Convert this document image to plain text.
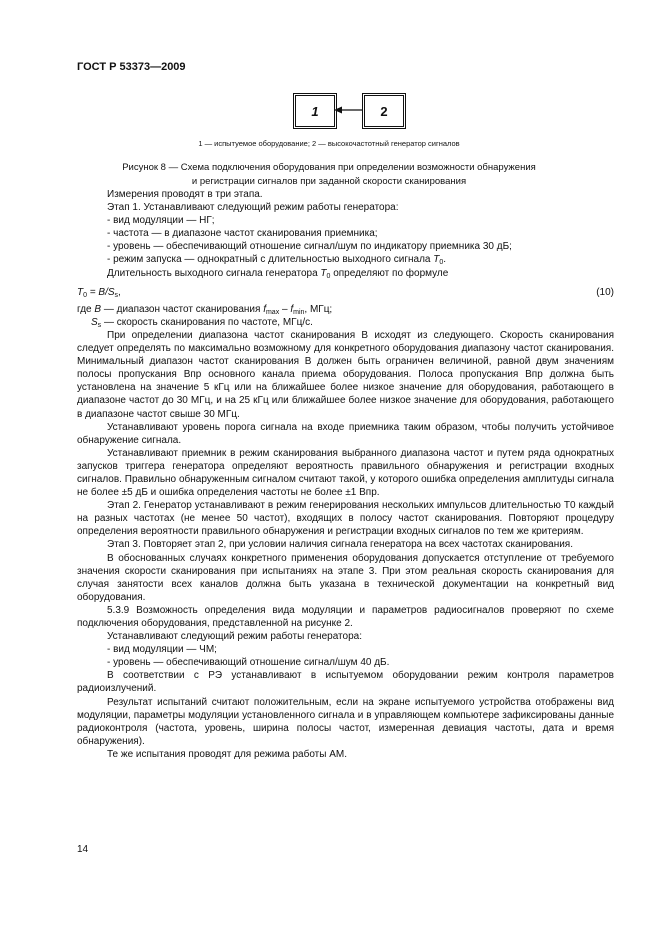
ГОСТ Р 53373—2009
1	2
1 — испытуемое оборудование; 2 — высокочастотный генератор сигналов
Рисунок 8 — Схема подключения оборудования при определении возможности обнаружения
и регистрации сигналов при заданной скорости сканирования

Измерения проводят в три этапа.

Этап 1. Устанавливают следующий режим работы генератора:

- вид модуляции — НГ;

- частота — в диапазоне частот сканирования приемника;

- уровень — обеспечивающий отношение сигнал/шум по индикатору приемника 30 дБ;

- режим запуска — однократный с длительностью выходного сигнала $T_0$.

Длительность выходного сигнала генератора $T_0$ определяют по формуле

$T_0 = B/S_s$,	(10)

где B — диапазон частот сканирования $f_{max} - f_{min}$, МГц;

$S_s$ — скорость сканирования по частоте, МГц/с.

При определении диапазона частот сканирования B исходят из следующего. Скорость сканирования следует определять по максимально возможному для конкретного оборудования диапазону частот сканирования. Минимальный диапазон частот сканирования B должен быть ограничен величиной, равной двум значениям полосы пропускания Bпр основного канала приема оборудования. Полоса пропускания Bпр должна быть установлена на значение 5 кГц или на ближайшее более низкое значение для оборудования, работающего в диапазоне частот до 30 МГц, и на 25 кГц или ближайшее более низкое значение для оборудования, работающего в диапазоне частот свыше 30 МГц.

Устанавливают уровень порога сигнала на входе приемника таким образом, чтобы получить устойчивое обнаружение сигнала.

Устанавливают приемник в режим сканирования выбранного диапазона частот и путем ряда однократных запусков триггера генератора определяют вероятность правильного обнаружения и регистрации входных сигналов. Правильно обнаруженным сигналом считают такой, у которого ошибка определения амплитуды сигнала не более ±5 дБ и ошибка определения частоты не более ±1 Bпр.

Этап 2. Генератор устанавливают в режим генерирования нескольких импульсов длительностью T0 каждый на разных частотах (не менее 50 частот), входящих в полосу частот сканирования. Повторяют процедуру определения вероятности правильного обнаружения и регистрации входных сигналов по тем же критериям.

Этап 3. Повторяет этап 2, при условии наличия сигнала генератора на всех частотах сканирования.

В обоснованных случаях конкретного применения оборудования допускается отступление от требуемого значения скорости сканирования при испытаниях на этапе 3. При этом реальная скорость сканирования для случая занятости всех каналов должна быть указана в технической документации на конкретный вид оборудования.

5.3.9 Возможность определения вида модуляции и параметров радиосигналов проверяют по схеме подключения оборудования, представленной на рисунке 2.

Устанавливают следующий режим работы генератора:

- вид модуляции — ЧМ;

- уровень — обеспечивающий отношение сигнал/шум 40 дБ.

В соответствии с РЭ устанавливают в испытуемом оборудовании режим контроля параметров радиоизлучений.

Результат испытаний считают положительным, если на экране испытуемого устройства отображены вид модуляции, параметры модуляции установленного сигнала и в управляющем компьютере зафиксированы данные радиоконтроля (частота, уровень, ширина полосы частот, измеренная девиация частоты, дата и время обнаружения).

Те же испытания проводят для режима работы АМ.

14
